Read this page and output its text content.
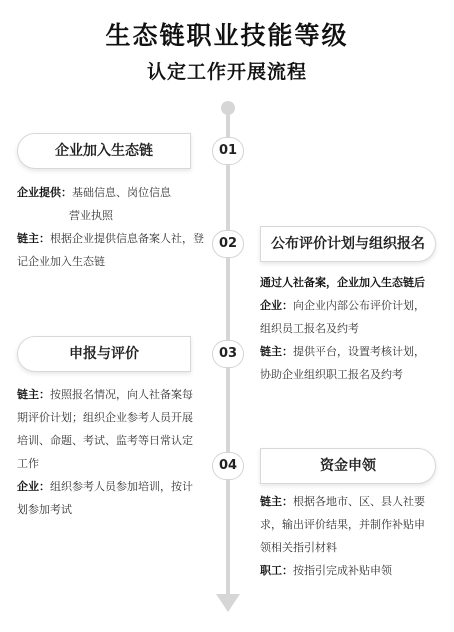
生态链职业技能等级
认定工作开展流程
企业加入生态链	01
企业提供：基础信息、岗位信息
营业执照
链主：根据企业提供信息备案人社，登
记企业加入生态链
02	公布评价计划与组织报名
通过人社备案，企业加入生态链后
企业：向企业内部公布评价计划，
组织员工报名及约考
链主：提供平台，设置考核计划，
协助企业组织职工报名及约考
申报与评价	03
链主：按照报名情况，向人社备案每
期评价计划；组织企业参考人员开展
培训、命题、考试、监考等日常认定
工作
企业：组织参考人员参加培训，按计
划参加考试
04	资金申领
链主：根据各地市、区、县人社要
求，输出评价结果，并制作补贴申
领相关指引材料
职工：按指引完成补贴申领
